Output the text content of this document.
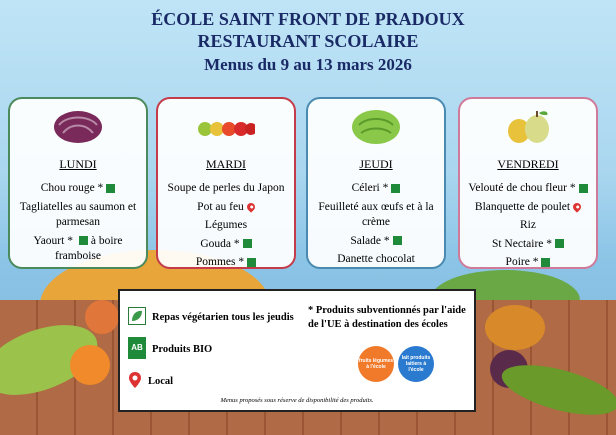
ÉCOLE SAINT FRONT DE PRADOUX
RESTAURANT SCOLAIRE
Menus du 9 au 13 mars 2026
LUNDI
Chou rouge *
Tagliatelles au saumon et parmesan
Yaourt * à boire framboise
MARDI
Soupe de perles du Japon
Pot au feu
Légumes
Gouda *
Pommes *
JEUDI
Céleri *
Feuilleté aux œufs et à la crème
Salade *
Danette chocolat
VENDREDI
Velouté de chou fleur *
Blanquette de poulet
Riz
St Nectaire *
Poire *
Repas végétarien tous les jeudis
AB Produits BIO
Local
* Produits subventionnés par l'aide de l'UE à destination des écoles
fruits légumes à l'école
lait produits laitiers à l'école
Menus proposés sous réserve de disponibilité des produits.
